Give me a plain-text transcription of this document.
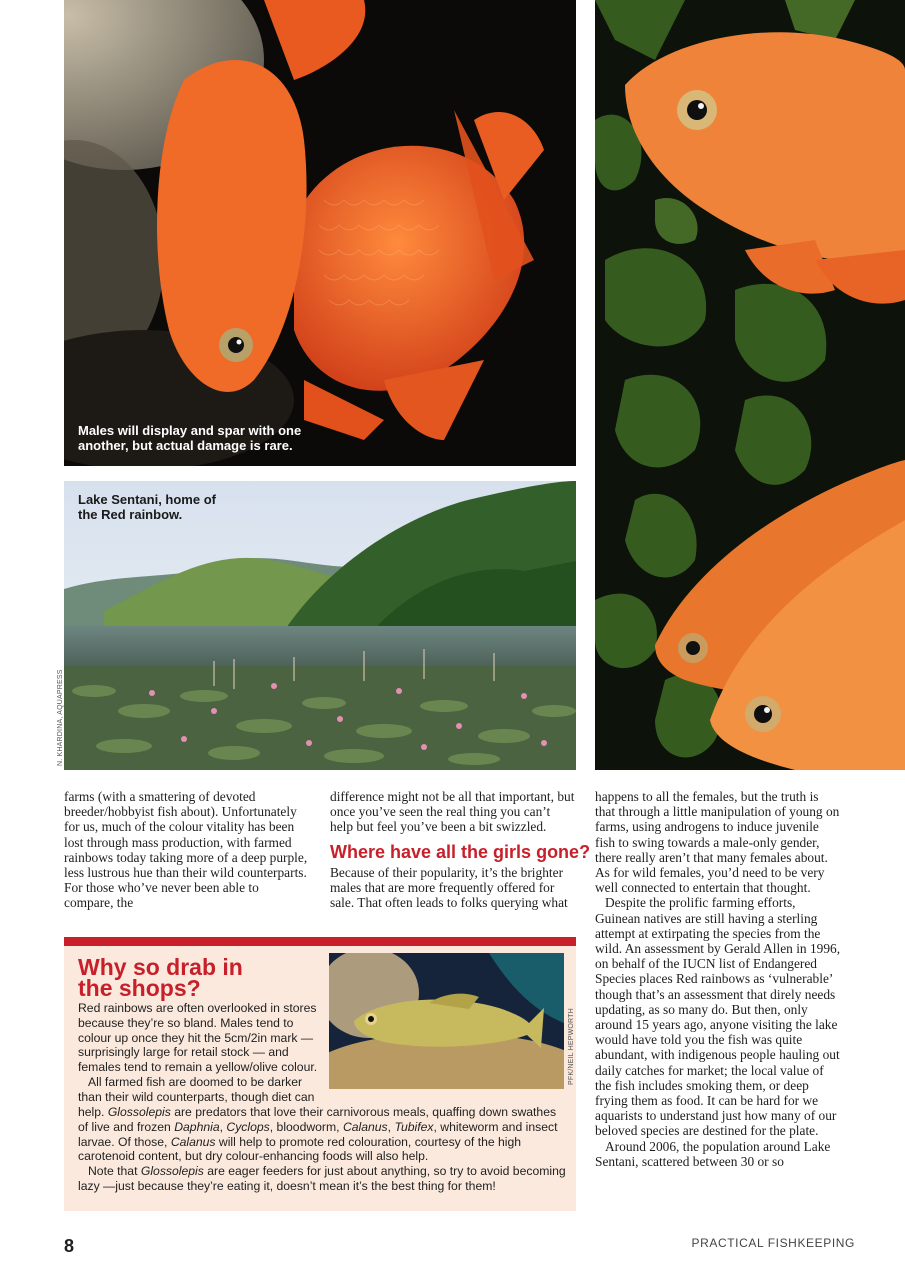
Males will display and spar with one
another, but actual damage is rare.
Lake Sentani, home of
the Red rainbow.
N. KHARDINA, AQUAPRESS

farms (with a smattering of devoted breeder/hobbyist fish about). Unfortunately for us, much of the colour vitality has been lost through mass production, with farmed rainbows today taking more of a deep purple, less lustrous hue than their wild counterparts. For those who’ve never been able to compare, the

difference might not be all that important, but once you’ve seen the real thing you can’t help but feel you’ve been a bit swizzled.

Where have all the girls gone?

Because of their popularity, it’s the brighter males that are more frequently offered for sale. That often leads to folks querying what

happens to all the females, but the truth is that through a little manipulation of young on farms, using androgens to induce juvenile fish to swing towards a male-only gender, there really aren’t that many females about. As for wild females, you’d need to be very well connected to entertain that thought.

Despite the prolific farming efforts, Guinean natives are still having a sterling attempt at extirpating the species from the wild. An assessment by Gerald Allen in 1996, on behalf of the IUCN list of Endangered Species places Red rainbows as ‘vulnerable’ though that’s an assessment that direly needs updating, as so many do. But then, only around 15 years ago, anyone visiting the lake would have told you the fish was quite abundant, with indigenous people hauling out daily catches for market; the local value of the fish includes smoking them, or deep frying them as food. It can be hard for we aquarists to understand just how many of our beloved species are destined for the plate.

Around 2006, the population around Lake Sentani, scattered between 30 or so

Why so drab in
the shops?

Red rainbows are often overlooked in stores because they’re so bland. Males tend to colour up once they hit the 5cm/2in mark — surprisingly large for retail stock — and females tend to remain a yellow/olive colour.

All farmed fish are doomed to be darker than their wild counterparts, though diet can

help. Glossolepis are predators that love their carnivorous meals, quaffing down swathes of live and frozen Daphnia, Cyclops, bloodworm, Calanus, Tubifex, whiteworm and insect larvae. Of those, Calanus will help to promote red colouration, courtesy of the high carotenoid content, but dry colour-enhancing foods will also help.

Note that Glossolepis are eager feeders for just about anything, so try to avoid becoming lazy —just because they’re eating it, doesn’t mean it’s the best thing for them!

PFK/NEIL HEPWORTH
8	PRACTICAL FISHKEEPING
